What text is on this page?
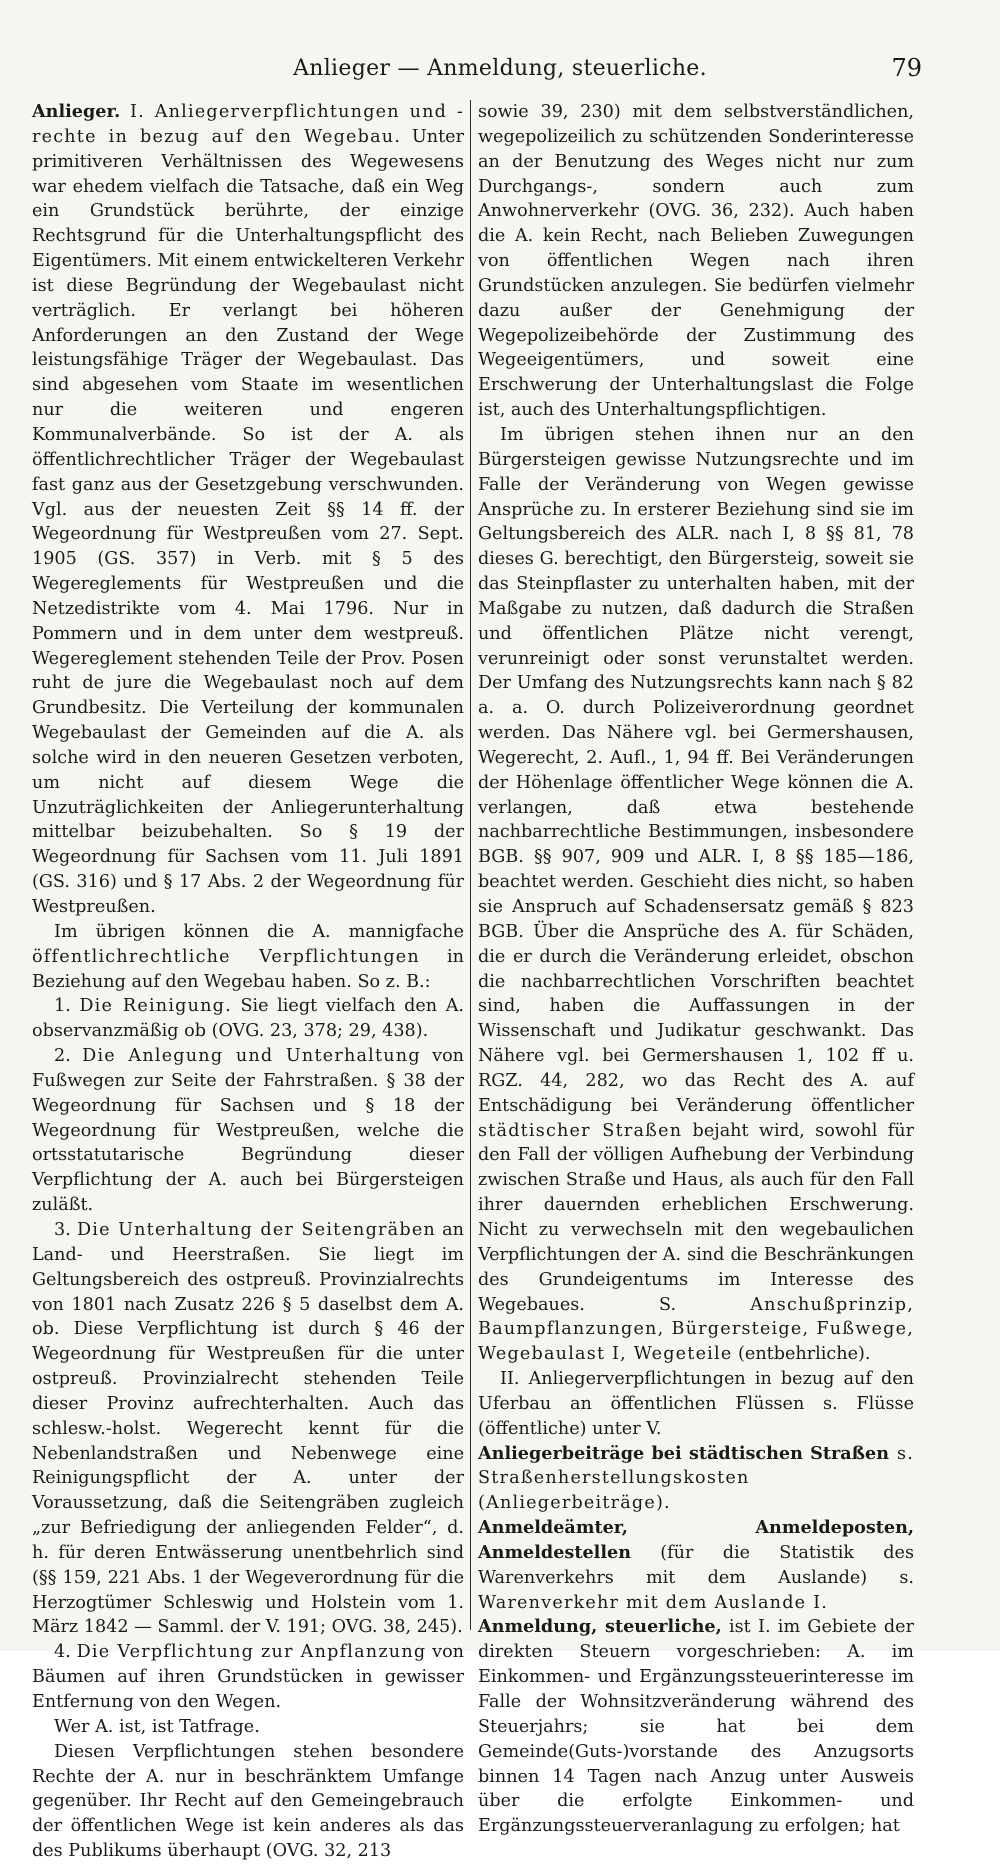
Anlieger — Anmeldung, steuerliche.	79

Anlieger. I. Anliegerverpflichtungen und -rechte in bezug auf den Wegebau. Unter primitiveren Verhältnissen des Wegewesens war ehedem vielfach die Tatsache, daß ein Weg ein Grundstück berührte, der einzige Rechtsgrund für die Unterhaltungspflicht des Eigentümers. Mit einem entwickelteren Verkehr ist diese Begründung der Wegebaulast nicht verträglich. Er verlangt bei höheren Anforderungen an den Zustand der Wege leistungsfähige Träger der Wegebaulast. Das sind abgesehen vom Staate im wesentlichen nur die weiteren und engeren Kommunalverbände. So ist der A. als öffentlichrechtlicher Träger der Wegebaulast fast ganz aus der Gesetzgebung verschwunden. Vgl. aus der neuesten Zeit §§ 14 ff. der Wegeordnung für Westpreußen vom 27. Sept. 1905 (GS. 357) in Verb. mit § 5 des Wegereglements für Westpreußen und die Netzedistrikte vom 4. Mai 1796. Nur in Pommern und in dem unter dem westpreuß. Wegereglement stehenden Teile der Prov. Posen ruht de jure die Wegebaulast noch auf dem Grundbesitz. Die Verteilung der kommunalen Wegebaulast der Gemeinden auf die A. als solche wird in den neueren Gesetzen verboten, um nicht auf diesem Wege die Unzuträglichkeiten der Anliegerunterhaltung mittelbar beizubehalten. So § 19 der Wegeordnung für Sachsen vom 11. Juli 1891 (GS. 316) und § 17 Abs. 2 der Wegeordnung für Westpreußen.

Im übrigen können die A. mannigfache öffentlichrechtliche Verpflichtungen in Beziehung auf den Wegebau haben. So z. B.:

1. Die Reinigung. Sie liegt vielfach den A. observanzmäßig ob (OVG. 23, 378; 29, 438).

2. Die Anlegung und Unterhaltung von Fußwegen zur Seite der Fahrstraßen. § 38 der Wegeordnung für Sachsen und § 18 der Wegeordnung für Westpreußen, welche die ortsstatutarische Begründung dieser Verpflichtung der A. auch bei Bürgersteigen zuläßt.

3. Die Unterhaltung der Seitengräben an Land- und Heerstraßen. Sie liegt im Geltungsbereich des ostpreuß. Provinzialrechts von 1801 nach Zusatz 226 § 5 daselbst dem A. ob. Diese Verpflichtung ist durch § 46 der Wegeordnung für Westpreußen für die unter ostpreuß. Provinzialrecht stehenden Teile dieser Provinz aufrechterhalten. Auch das schlesw.-holst. Wegerecht kennt für die Nebenlandstraßen und Nebenwege eine Reinigungspflicht der A. unter der Voraussetzung, daß die Seitengräben zugleich „zur Befriedigung der anliegenden Felder“, d. h. für deren Entwässerung unentbehrlich sind (§§ 159, 221 Abs. 1 der Wegeverordnung für die Herzogtümer Schleswig und Holstein vom 1. März 1842 — Samml. der V. 191; OVG. 38, 245).

4. Die Verpflichtung zur Anpflanzung von Bäumen auf ihren Grundstücken in gewisser Entfernung von den Wegen.

Wer A. ist, ist Tatfrage.

Diesen Verpflichtungen stehen besondere Rechte der A. nur in beschränktem Umfange gegenüber. Ihr Recht auf den Gemeingebrauch der öffentlichen Wege ist kein anderes als das des Publikums überhaupt (OVG. 32, 213

sowie 39, 230) mit dem selbstverständlichen, wegepolizeilich zu schützenden Sonderinteresse an der Benutzung des Weges nicht nur zum Durchgangs-, sondern auch zum Anwohnerverkehr (OVG. 36, 232). Auch haben die A. kein Recht, nach Belieben Zuwegungen von öffentlichen Wegen nach ihren Grundstücken anzulegen. Sie bedürfen vielmehr dazu außer der Genehmigung der Wegepolizeibehörde der Zustimmung des Wegeeigentümers, und soweit eine Erschwerung der Unterhaltungslast die Folge ist, auch des Unterhaltungspflichtigen.

Im übrigen stehen ihnen nur an den Bürgersteigen gewisse Nutzungsrechte und im Falle der Veränderung von Wegen gewisse Ansprüche zu. In ersterer Beziehung sind sie im Geltungsbereich des ALR. nach I, 8 §§ 81, 78 dieses G. berechtigt, den Bürgersteig, soweit sie das Steinpflaster zu unterhalten haben, mit der Maßgabe zu nutzen, daß dadurch die Straßen und öffentlichen Plätze nicht verengt, verunreinigt oder sonst verunstaltet werden. Der Umfang des Nutzungsrechts kann nach § 82 a. a. O. durch Polizeiverordnung geordnet werden. Das Nähere vgl. bei Germershausen, Wegerecht, 2. Aufl., 1, 94 ff. Bei Veränderungen der Höhenlage öffentlicher Wege können die A. verlangen, daß etwa bestehende nachbarrechtliche Bestimmungen, insbesondere BGB. §§ 907, 909 und ALR. I, 8 §§ 185—186, beachtet werden. Geschieht dies nicht, so haben sie Anspruch auf Schadensersatz gemäß § 823 BGB. Über die Ansprüche des A. für Schäden, die er durch die Veränderung erleidet, obschon die nachbarrechtlichen Vorschriften beachtet sind, haben die Auffassungen in der Wissenschaft und Judikatur geschwankt. Das Nähere vgl. bei Germershausen 1, 102 ff u. RGZ. 44, 282, wo das Recht des A. auf Entschädigung bei Veränderung öffentlicher städtischer Straßen bejaht wird, sowohl für den Fall der völligen Aufhebung der Verbindung zwischen Straße und Haus, als auch für den Fall ihrer dauernden erheblichen Erschwerung. Nicht zu verwechseln mit den wegebaulichen Verpflichtungen der A. sind die Beschränkungen des Grundeigentums im Interesse des Wegebaues. S. Anschußprinzip, Baumpflanzungen, Bürgersteige, Fußwege, Wegebaulast I, Wegeteile (entbehrliche).

II. Anliegerverpflichtungen in bezug auf den Uferbau an öffentlichen Flüssen s. Flüsse (öffentliche) unter V.

Anliegerbeiträge bei städtischen Straßen s. Straßenherstellungskosten (Anliegerbeiträge).

Anmeldeämter, Anmeldeposten, Anmeldestellen (für die Statistik des Warenverkehrs mit dem Auslande) s. Warenverkehr mit dem Auslande I.

Anmeldung, steuerliche, ist I. im Gebiete der direkten Steuern vorgeschrieben: A. im Einkommen- und Ergänzungssteuerinteresse im Falle der Wohnsitzveränderung während des Steuerjahrs; sie hat bei dem Gemeinde(Guts-)vorstande des Anzugsorts binnen 14 Tagen nach Anzug unter Ausweis über die erfolgte Einkommen- und Ergänzungssteuerveranlagung zu erfolgen; hat
